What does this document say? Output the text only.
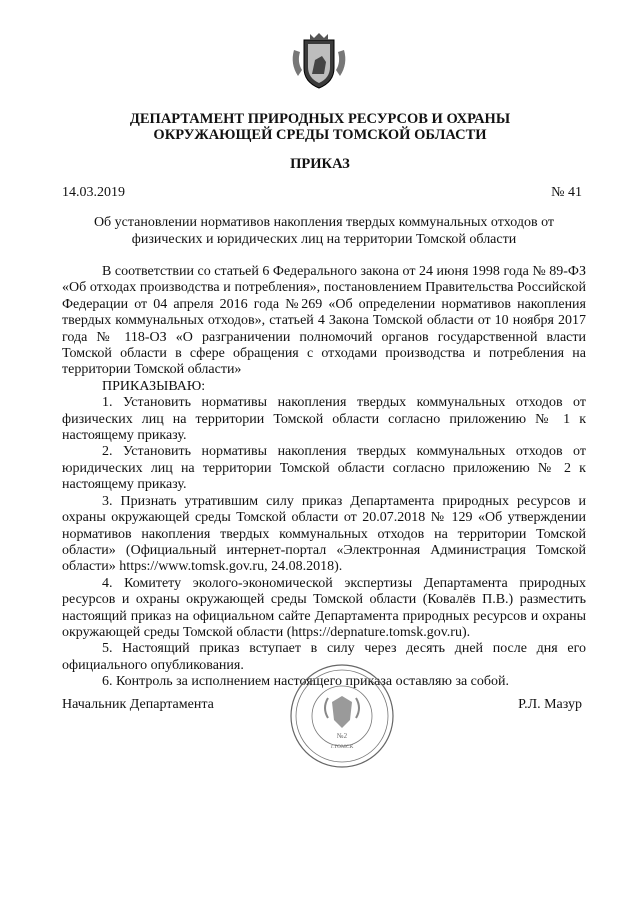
ДЕПАРТАМЕНТ ПРИРОДНЫХ РЕСУРСОВ И ОХРАНЫ
ОКРУЖАЮЩЕЙ СРЕДЫ ТОМСКОЙ ОБЛАСТИ
ПРИКАЗ
14.03.2019	№ 41
Об установлении нормативов накопления твердых коммунальных отходов от физических и юридических лиц на территории Томской области

В соответствии со статьей 6 Федерального закона от 24 июня 1998 года № 89-ФЗ «Об отходах производства и потребления», постановлением Правительства Российской Федерации от 04 апреля 2016 года №269 «Об определении нормативов накопления твердых коммунальных отходов», статьей 4 Закона Томской области от 10 ноября 2017 года № 118-ОЗ «О разграничении полномочий органов государственной власти Томской области в сфере обращения с отходами производства и потребления на территории Томской области»

ПРИКАЗЫВАЮ:

1. Установить нормативы накопления твердых коммунальных отходов от физических лиц на территории Томской области согласно приложению № 1 к настоящему приказу.

2. Установить нормативы накопления твердых коммунальных отходов от юридических лиц на территории Томской области согласно приложению № 2 к настоящему приказу.

3. Признать утратившим силу приказ Департамента природных ресурсов и охраны окружающей среды Томской области от 20.07.2018 № 129 «Об утверждении нормативов накопления твердых коммунальных отходов на территории Томской области» (Официальный интернет-портал «Электронная Администрация Томской области» https://www.tomsk.gov.ru, 24.08.2018).

4. Комитету эколого-экономической экспертизы Департамента природных ресурсов и охраны окружающей среды Томской области (Ковалёв П.В.) разместить настоящий приказ на официальном сайте Департамента природных ресурсов и охраны окружающей среды Томской области (https://depnature.tomsk.gov.ru).

5. Настоящий приказ вступает в силу через десять дней после дня его официального опубликования.

6. Контроль за исполнением настоящего приказа оставляю за собой.

Начальник Департамента	Р.Л. Мазур
№2
г.ТОМСК
